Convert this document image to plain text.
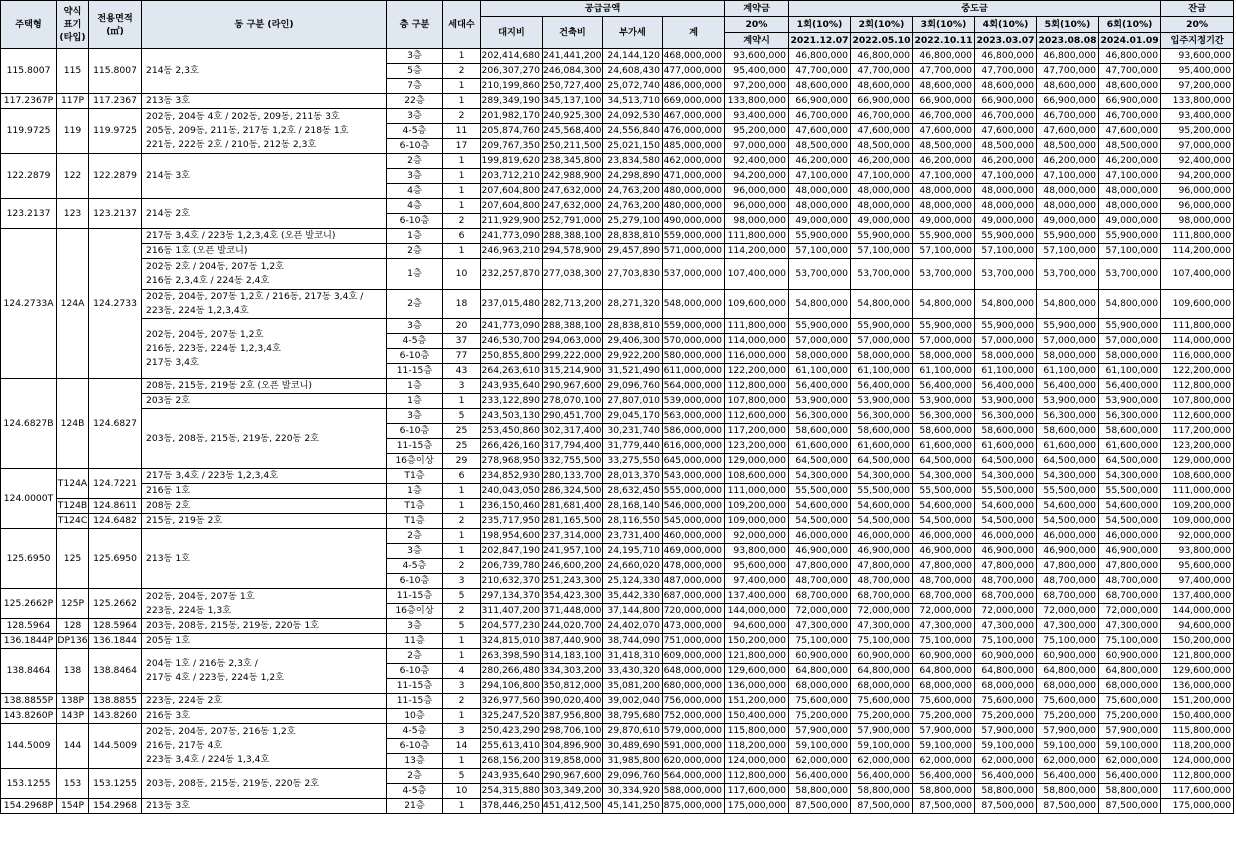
주택형	약식
표기
(타입)	전용면적
(㎡)	동 구분 (라인)	층 구분	세대수	공급금액				계약금	중도금						잔금
						대지비	건축비	부가세	계	20%	1회(10%)	2회(10%)	3회(10%)	4회(10%)	5회(10%)	6회(10%)	20%
										계약시	2021.12.07	2022.05.10	2022.10.11	2023.03.07	2023.08.08	2024.01.09	입주지정기간
115.8007	115	115.8007	214동 2,3호	3층	1	202,414,680	241,441,200	24,144,120	468,000,000	93,600,000	46,800,000	46,800,000	46,800,000	46,800,000	46,800,000	46,800,000	93,600,000
				5층	2	206,307,270	246,084,300	24,608,430	477,000,000	95,400,000	47,700,000	47,700,000	47,700,000	47,700,000	47,700,000	47,700,000	95,400,000
				7층	1	210,199,860	250,727,400	25,072,740	486,000,000	97,200,000	48,600,000	48,600,000	48,600,000	48,600,000	48,600,000	48,600,000	97,200,000
117.2367P	117P	117.2367	213동 3호	22층	1	289,349,190	345,137,100	34,513,710	669,000,000	133,800,000	66,900,000	66,900,000	66,900,000	66,900,000	66,900,000	66,900,000	133,800,000
119.9725	119	119.9725	202동, 204동 4호 / 202동, 209동, 211동 3호
205동, 209동, 211동, 217동 1,2호 / 218동 1호
221동, 222동 2호 / 210동, 212동 2,3호	3층	2	201,982,170	240,925,300	24,092,530	467,000,000	93,400,000	46,700,000	46,700,000	46,700,000	46,700,000	46,700,000	46,700,000	93,400,000
				4-5층	11	205,874,760	245,568,400	24,556,840	476,000,000	95,200,000	47,600,000	47,600,000	47,600,000	47,600,000	47,600,000	47,600,000	95,200,000
				6-10층	17	209,767,350	250,211,500	25,021,150	485,000,000	97,000,000	48,500,000	48,500,000	48,500,000	48,500,000	48,500,000	48,500,000	97,000,000
122.2879	122	122.2879	214동 3호	2층	1	199,819,620	238,345,800	23,834,580	462,000,000	92,400,000	46,200,000	46,200,000	46,200,000	46,200,000	46,200,000	46,200,000	92,400,000
				3층	1	203,712,210	242,988,900	24,298,890	471,000,000	94,200,000	47,100,000	47,100,000	47,100,000	47,100,000	47,100,000	47,100,000	94,200,000
				4층	1	207,604,800	247,632,000	24,763,200	480,000,000	96,000,000	48,000,000	48,000,000	48,000,000	48,000,000	48,000,000	48,000,000	96,000,000
123.2137	123	123.2137	214동 2호	4층	1	207,604,800	247,632,000	24,763,200	480,000,000	96,000,000	48,000,000	48,000,000	48,000,000	48,000,000	48,000,000	48,000,000	96,000,000
				6-10층	2	211,929,900	252,791,000	25,279,100	490,000,000	98,000,000	49,000,000	49,000,000	49,000,000	49,000,000	49,000,000	49,000,000	98,000,000
124.2733A	124A	124.2733	217동 3,4호 / 223동 1,2,3,4호 (오픈 발코니)	1층	6	241,773,090	288,388,100	28,838,810	559,000,000	111,800,000	55,900,000	55,900,000	55,900,000	55,900,000	55,900,000	55,900,000	111,800,000
			216동 1호 (오픈 발코니)	2층	1	246,963,210	294,578,900	29,457,890	571,000,000	114,200,000	57,100,000	57,100,000	57,100,000	57,100,000	57,100,000	57,100,000	114,200,000
			202동 2호 / 204동, 207동 1,2호
216동 2,3,4호 / 224동 2,4호	1층	10	232,257,870	277,038,300	27,703,830	537,000,000	107,400,000	53,700,000	53,700,000	53,700,000	53,700,000	53,700,000	53,700,000	107,400,000
			202동, 204동, 207동 1,2호 / 216동, 217동 3,4호 /
223동, 224동 1,2,3,4호	2층	18	237,015,480	282,713,200	28,271,320	548,000,000	109,600,000	54,800,000	54,800,000	54,800,000	54,800,000	54,800,000	54,800,000	109,600,000
			202동, 204동, 207동 1,2호
216동, 223동, 224동 1,2,3,4호
217동 3,4호	3층	20	241,773,090	288,388,100	28,838,810	559,000,000	111,800,000	55,900,000	55,900,000	55,900,000	55,900,000	55,900,000	55,900,000	111,800,000
				4-5층	37	246,530,700	294,063,000	29,406,300	570,000,000	114,000,000	57,000,000	57,000,000	57,000,000	57,000,000	57,000,000	57,000,000	114,000,000
				6-10층	77	250,855,800	299,222,000	29,922,200	580,000,000	116,000,000	58,000,000	58,000,000	58,000,000	58,000,000	58,000,000	58,000,000	116,000,000
				11-15층	43	264,263,610	315,214,900	31,521,490	611,000,000	122,200,000	61,100,000	61,100,000	61,100,000	61,100,000	61,100,000	61,100,000	122,200,000
124.6827B	124B	124.6827	208동, 215동, 219동 2호 (오픈 발코니)	1층	3	243,935,640	290,967,600	29,096,760	564,000,000	112,800,000	56,400,000	56,400,000	56,400,000	56,400,000	56,400,000	56,400,000	112,800,000
			203동 2호	1층	1	233,122,890	278,070,100	27,807,010	539,000,000	107,800,000	53,900,000	53,900,000	53,900,000	53,900,000	53,900,000	53,900,000	107,800,000
			203동, 208동, 215동, 219동, 220동 2호	3층	5	243,503,130	290,451,700	29,045,170	563,000,000	112,600,000	56,300,000	56,300,000	56,300,000	56,300,000	56,300,000	56,300,000	112,600,000
				6-10층	25	253,450,860	302,317,400	30,231,740	586,000,000	117,200,000	58,600,000	58,600,000	58,600,000	58,600,000	58,600,000	58,600,000	117,200,000
				11-15층	25	266,426,160	317,794,400	31,779,440	616,000,000	123,200,000	61,600,000	61,600,000	61,600,000	61,600,000	61,600,000	61,600,000	123,200,000
				16층이상	29	278,968,950	332,755,500	33,275,550	645,000,000	129,000,000	64,500,000	64,500,000	64,500,000	64,500,000	64,500,000	64,500,000	129,000,000
124.0000T	T124A	124.7221	217동 3,4호 / 223동 1,2,3,4호	T1층	6	234,852,930	280,133,700	28,013,370	543,000,000	108,600,000	54,300,000	54,300,000	54,300,000	54,300,000	54,300,000	54,300,000	108,600,000
			216동 1호	1층	1	240,043,050	286,324,500	28,632,450	555,000,000	111,000,000	55,500,000	55,500,000	55,500,000	55,500,000	55,500,000	55,500,000	111,000,000
	T124B	124.8611	208동 2호	T1층	1	236,150,460	281,681,400	28,168,140	546,000,000	109,200,000	54,600,000	54,600,000	54,600,000	54,600,000	54,600,000	54,600,000	109,200,000
	T124C	124.6482	215동, 219동 2호	T1층	2	235,717,950	281,165,500	28,116,550	545,000,000	109,000,000	54,500,000	54,500,000	54,500,000	54,500,000	54,500,000	54,500,000	109,000,000
125.6950	125	125.6950	213동 1호	2층	1	198,954,600	237,314,000	23,731,400	460,000,000	92,000,000	46,000,000	46,000,000	46,000,000	46,000,000	46,000,000	46,000,000	92,000,000
				3층	1	202,847,190	241,957,100	24,195,710	469,000,000	93,800,000	46,900,000	46,900,000	46,900,000	46,900,000	46,900,000	46,900,000	93,800,000
				4-5층	2	206,739,780	246,600,200	24,660,020	478,000,000	95,600,000	47,800,000	47,800,000	47,800,000	47,800,000	47,800,000	47,800,000	95,600,000
				6-10층	3	210,632,370	251,243,300	25,124,330	487,000,000	97,400,000	48,700,000	48,700,000	48,700,000	48,700,000	48,700,000	48,700,000	97,400,000
125.2662P	125P	125.2662	202동, 204동, 207동 1호
223동, 224동 1,3호	11-15층	5	297,134,370	354,423,300	35,442,330	687,000,000	137,400,000	68,700,000	68,700,000	68,700,000	68,700,000	68,700,000	68,700,000	137,400,000
				16층이상	2	311,407,200	371,448,000	37,144,800	720,000,000	144,000,000	72,000,000	72,000,000	72,000,000	72,000,000	72,000,000	72,000,000	144,000,000
128.5964	128	128.5964	203동, 208동, 215동, 219동, 220동 1호	3층	5	204,577,230	244,020,700	24,402,070	473,000,000	94,600,000	47,300,000	47,300,000	47,300,000	47,300,000	47,300,000	47,300,000	94,600,000
136.1844P	DP136	136.1844	205동 1호	11층	1	324,815,010	387,440,900	38,744,090	751,000,000	150,200,000	75,100,000	75,100,000	75,100,000	75,100,000	75,100,000	75,100,000	150,200,000
138.8464	138	138.8464	204동 1호 / 216동 2,3호 /
217동 4호 / 223동, 224동 1,2호	2층	1	263,398,590	314,183,100	31,418,310	609,000,000	121,800,000	60,900,000	60,900,000	60,900,000	60,900,000	60,900,000	60,900,000	121,800,000
				6-10층	4	280,266,480	334,303,200	33,430,320	648,000,000	129,600,000	64,800,000	64,800,000	64,800,000	64,800,000	64,800,000	64,800,000	129,600,000
				11-15층	3	294,106,800	350,812,000	35,081,200	680,000,000	136,000,000	68,000,000	68,000,000	68,000,000	68,000,000	68,000,000	68,000,000	136,000,000
138.8855P	138P	138.8855	223동, 224동 2호	11-15층	2	326,977,560	390,020,400	39,002,040	756,000,000	151,200,000	75,600,000	75,600,000	75,600,000	75,600,000	75,600,000	75,600,000	151,200,000
143.8260P	143P	143.8260	216동 3호	10층	1	325,247,520	387,956,800	38,795,680	752,000,000	150,400,000	75,200,000	75,200,000	75,200,000	75,200,000	75,200,000	75,200,000	150,400,000
144.5009	144	144.5009	202동, 204동, 207동, 216동 1,2호
216동, 217동 4호
223동 3,4호 / 224동 1,3,4호	4-5층	3	250,423,290	298,706,100	29,870,610	579,000,000	115,800,000	57,900,000	57,900,000	57,900,000	57,900,000	57,900,000	57,900,000	115,800,000
				6-10층	14	255,613,410	304,896,900	30,489,690	591,000,000	118,200,000	59,100,000	59,100,000	59,100,000	59,100,000	59,100,000	59,100,000	118,200,000
				13층	1	268,156,200	319,858,000	31,985,800	620,000,000	124,000,000	62,000,000	62,000,000	62,000,000	62,000,000	62,000,000	62,000,000	124,000,000
153.1255	153	153.1255	203동, 208동, 215동, 219동, 220동 2호	2층	5	243,935,640	290,967,600	29,096,760	564,000,000	112,800,000	56,400,000	56,400,000	56,400,000	56,400,000	56,400,000	56,400,000	112,800,000
				4-5층	10	254,315,880	303,349,200	30,334,920	588,000,000	117,600,000	58,800,000	58,800,000	58,800,000	58,800,000	58,800,000	58,800,000	117,600,000
154.2968P	154P	154.2968	213동 3호	21층	1	378,446,250	451,412,500	45,141,250	875,000,000	175,000,000	87,500,000	87,500,000	87,500,000	87,500,000	87,500,000	87,500,000	175,000,000
